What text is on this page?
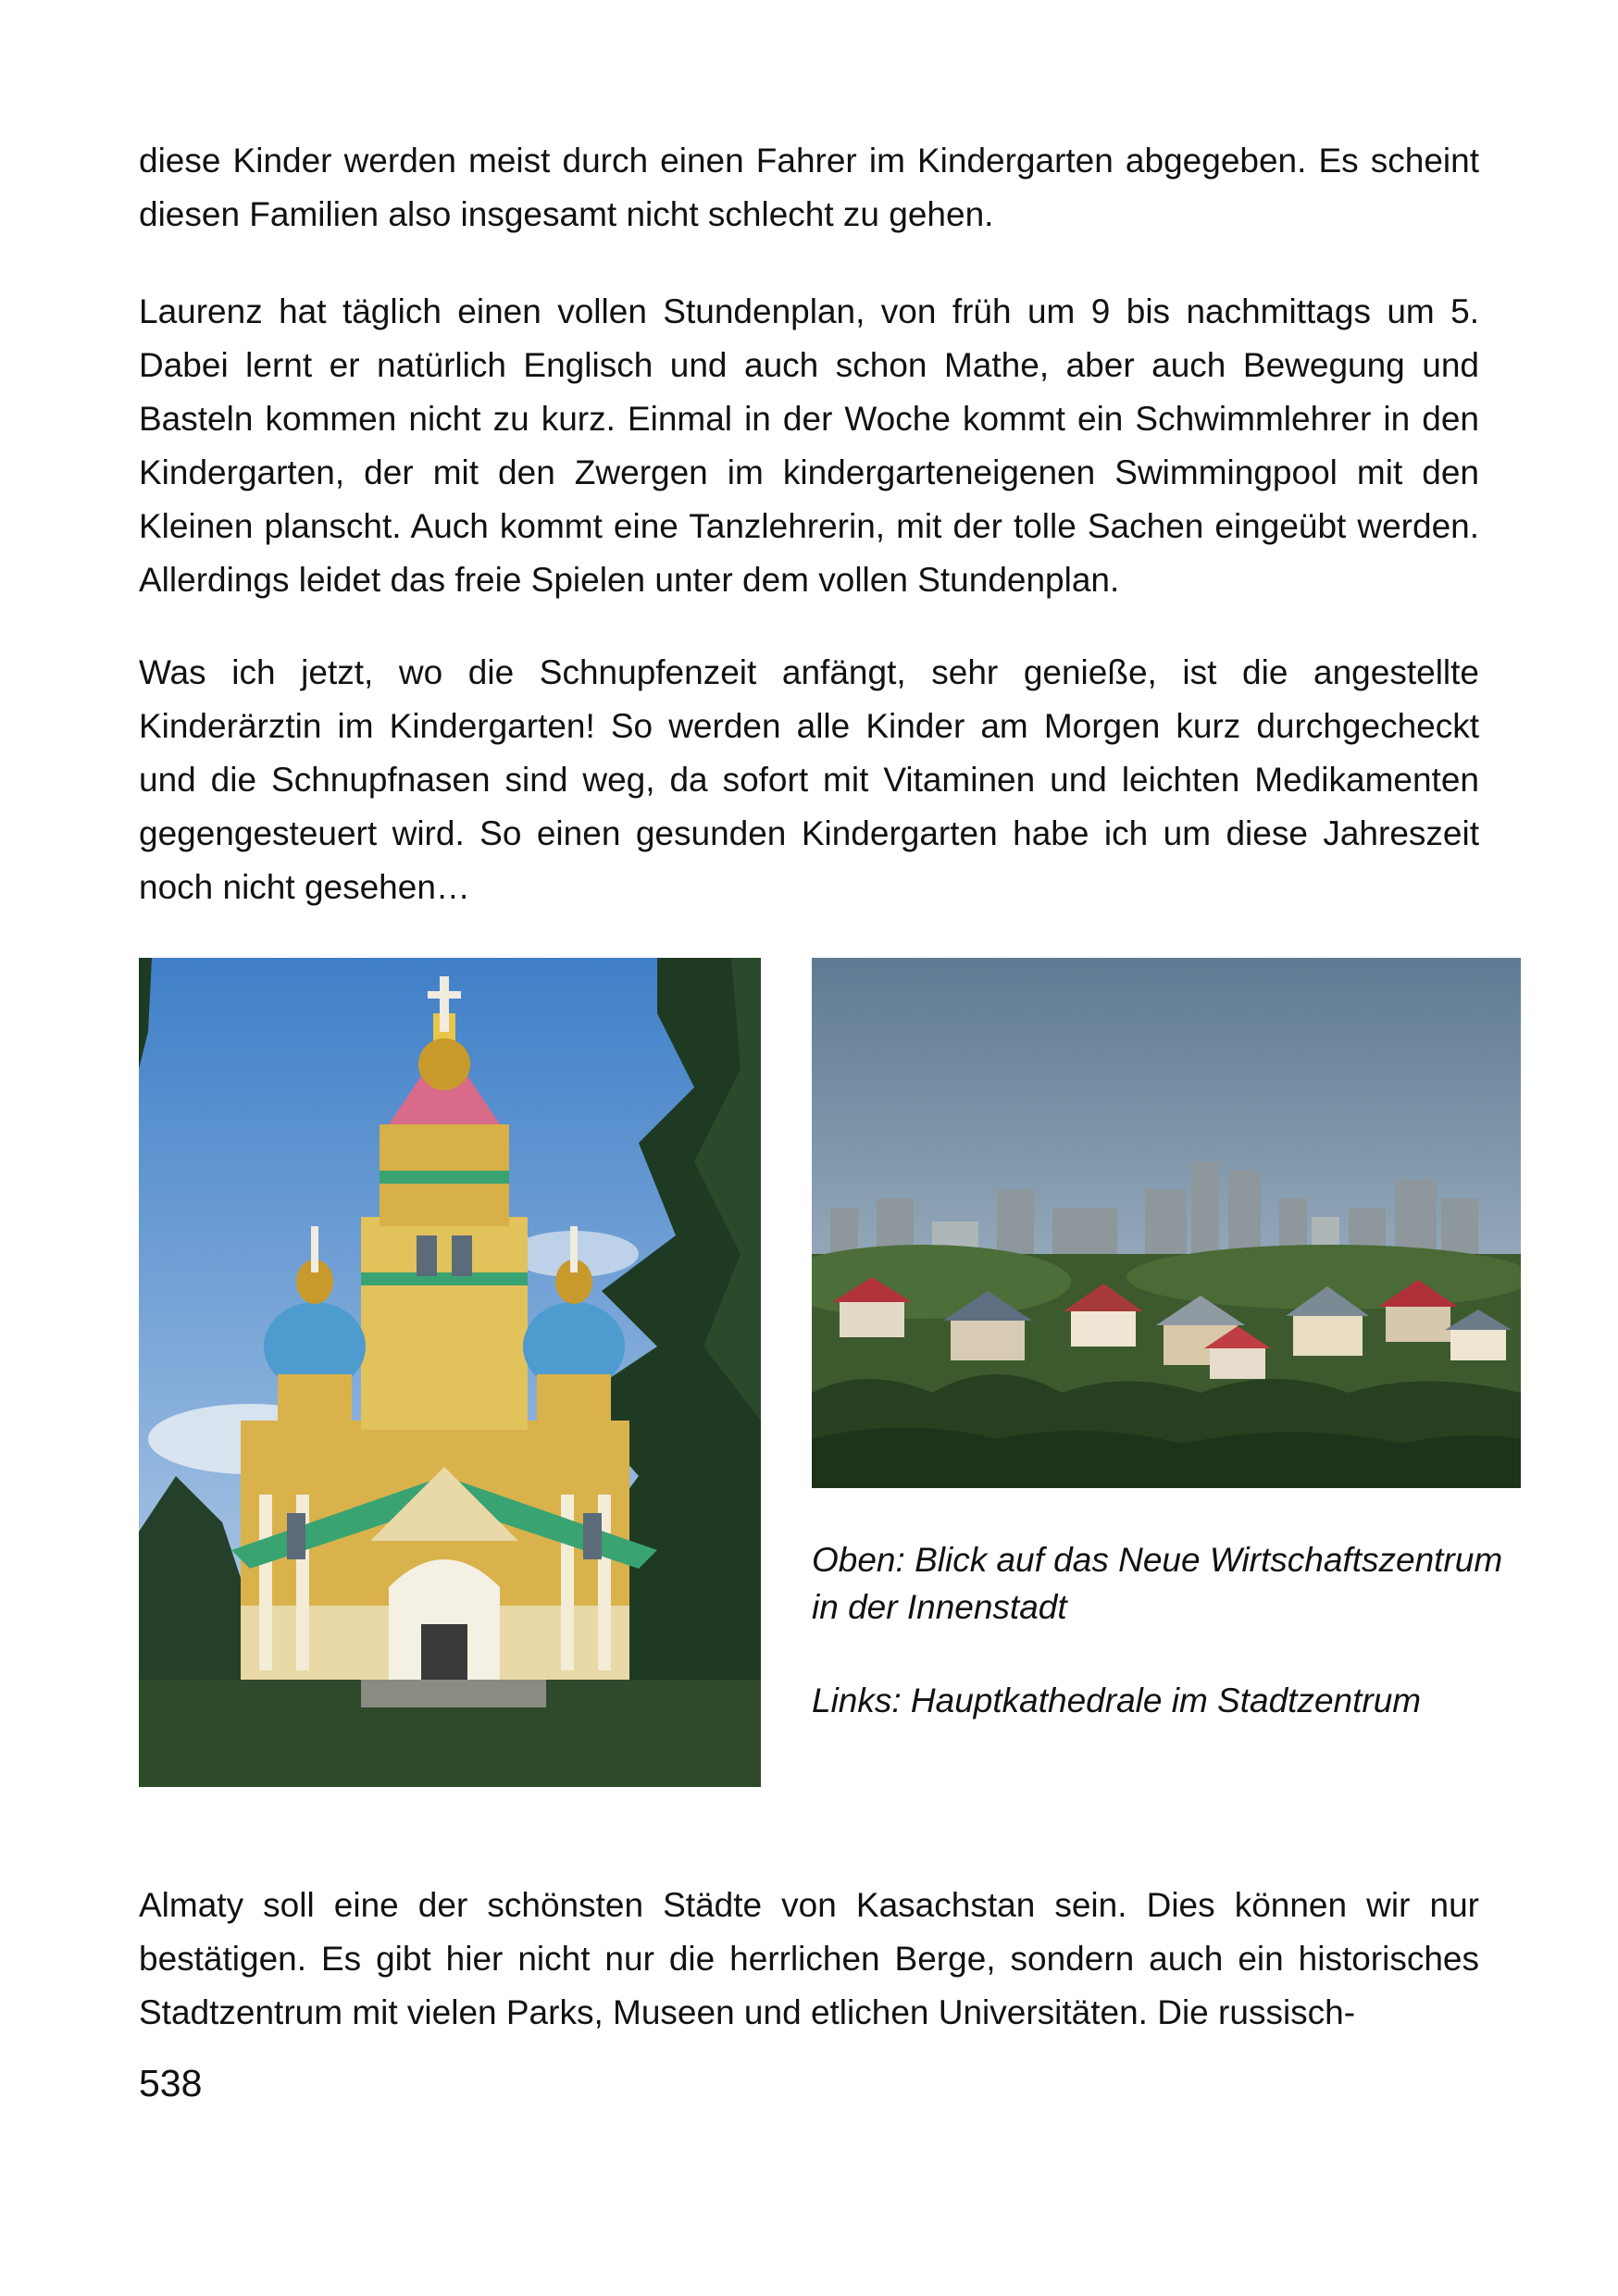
diese Kinder werden meist durch einen Fahrer im Kindergarten abgegeben. Es scheint diesen Familien also insgesamt nicht schlecht zu gehen.

Laurenz hat täglich einen vollen Stundenplan, von früh um 9 bis nachmittags um 5. Dabei lernt er natürlich Englisch und auch schon Mathe, aber auch Bewegung und Basteln kommen nicht zu kurz. Einmal in der Woche kommt ein Schwimmlehrer in den Kindergarten, der mit den Zwergen im kindergarteneigenen Swimmingpool mit den Kleinen planscht. Auch kommt eine Tanzlehrerin, mit der tolle Sachen eingeübt werden. Allerdings leidet das freie Spielen unter dem vollen Stundenplan.

Was ich jetzt, wo die Schnupfenzeit anfängt, sehr genieße, ist die angestellte Kinderärztin im Kindergarten! So werden alle Kinder am Morgen kurz durchgecheckt und die Schnupfnasen sind weg, da sofort mit Vitaminen und leichten Medikamenten gegengesteuert wird. So einen gesunden Kindergarten habe ich um diese Jahreszeit noch nicht gesehen…

Oben: Blick auf das Neue Wirtschaftszentrum in der Innenstadt

Links: Hauptkathedrale im Stadtzentrum

Almaty soll eine der schönsten Städte von Kasachstan sein. Dies können wir nur bestätigen. Es gibt hier nicht nur die herrlichen Berge, sondern auch ein historisches Stadtzentrum mit vielen Parks, Museen und etlichen Universitäten. Die russisch-

538
